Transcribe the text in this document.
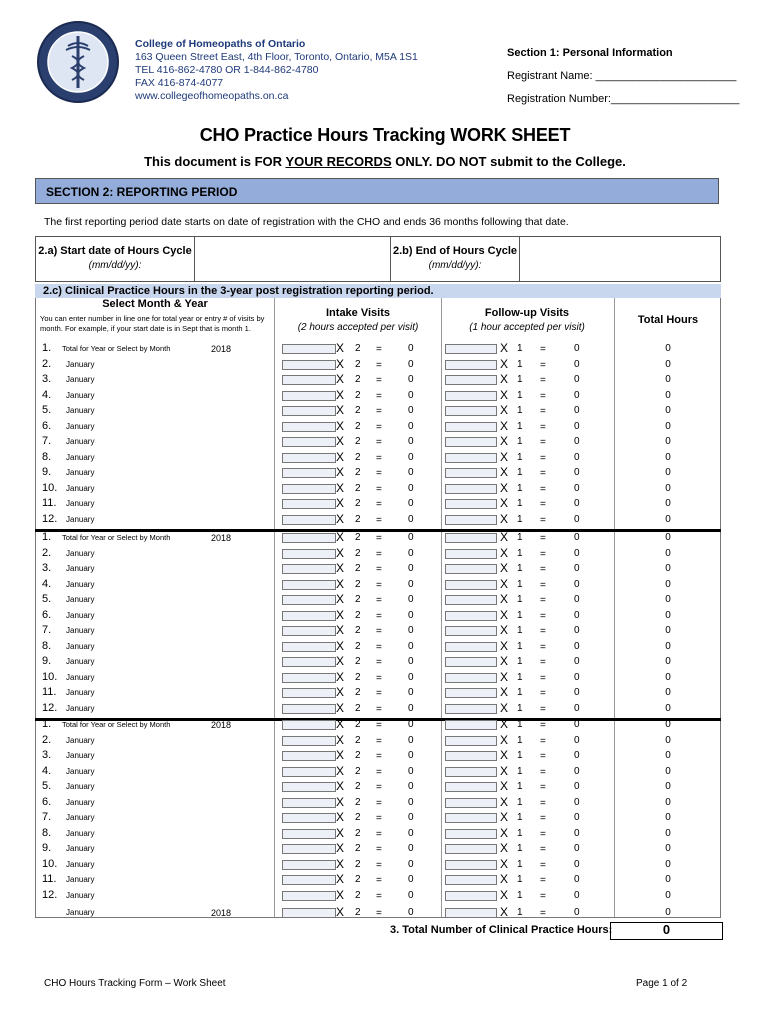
College of Homeopaths of Ontario
163 Queen Street East, 4th Floor, Toronto, Ontario, M5A 1S1
TEL 416-862-4780 OR 1-844-862-4780
FAX 416-874-4077
www.collegeofhomeopaths.on.ca
Section 1: Personal Information
Registrant Name: _______________________
Registration Number:_____________________
CHO Practice Hours Tracking WORK SHEET
This document is FOR YOUR RECORDS ONLY. DO NOT submit to the College.
SECTION 2: REPORTING PERIOD
The first reporting period date starts on date of registration with the CHO and ends 36 months following that date.
2.a) Start date of Hours Cycle
(mm/dd/yy):
2.b) End of Hours Cycle
(mm/dd/yy):
2.c) Clinical Practice Hours in the 3-year post registration reporting period.
Select Month & Year
You can enter number in line one for total year or entry # of visits by month. For example, if your start date is in Sept that is month 1.
Intake Visits
(2 hours accepted per visit)
Follow-up Visits
(1 hour accepted per visit)
Total Hours
1. Total for Year or Select by Month	2018	X 2 =	0	X 1 =	0	0
2. January	X 2 =	0	X 1 =	0	0
3. January	X 2 =	0	X 1 =	0	0
4. January	X 2 =	0	X 1 =	0	0
5. January	X 2 =	0	X 1 =	0	0
6. January	X 2 =	0	X 1 =	0	0
7. January	X 2 =	0	X 1 =	0	0
8. January	X 2 =	0	X 1 =	0	0
9. January	X 2 =	0	X 1 =	0	0
10. January	X 2 =	0	X 1 =	0	0
11. January	X 2 =	0	X 1 =	0	0
12. January	X 2 =	0	X 1 =	0	0
1. Total for Year or Select by Month	2018	X 2 =	0	X 1 =	0	0
2. January	X 2 =	0	X 1 =	0	0
3. January	X 2 =	0	X 1 =	0	0
4. January	X 2 =	0	X 1 =	0	0
5. January	X 2 =	0	X 1 =	0	0
6. January	X 2 =	0	X 1 =	0	0
7. January	X 2 =	0	X 1 =	0	0
8. January	X 2 =	0	X 1 =	0	0
9. January	X 2 =	0	X 1 =	0	0
10. January	X 2 =	0	X 1 =	0	0
11. January	X 2 =	0	X 1 =	0	0
12. January	X 2 =	0	X 1 =	0	0
1. Total for Year or Select by Month	2018	X 2 =	0	X 1 =	0	0
2. January	X 2 =	0	X 1 =	0	0
3. January	X 2 =	0	X 1 =	0	0
4. January	X 2 =	0	X 1 =	0	0
5. January	X 2 =	0	X 1 =	0	0
6. January	X 2 =	0	X 1 =	0	0
7. January	X 2 =	0	X 1 =	0	0
8. January	X 2 =	0	X 1 =	0	0
9. January	X 2 =	0	X 1 =	0	0
10. January	X 2 =	0	X 1 =	0	0
11. January	X 2 =	0	X 1 =	0	0
12. January	X 2 =	0	X 1 =	0	0
January	2018	X 2 =	0	X 1 =	0	0
3. Total Number of Clinical Practice Hours:	0
CHO Hours Tracking Form – Work Sheet	Page 1 of 2
